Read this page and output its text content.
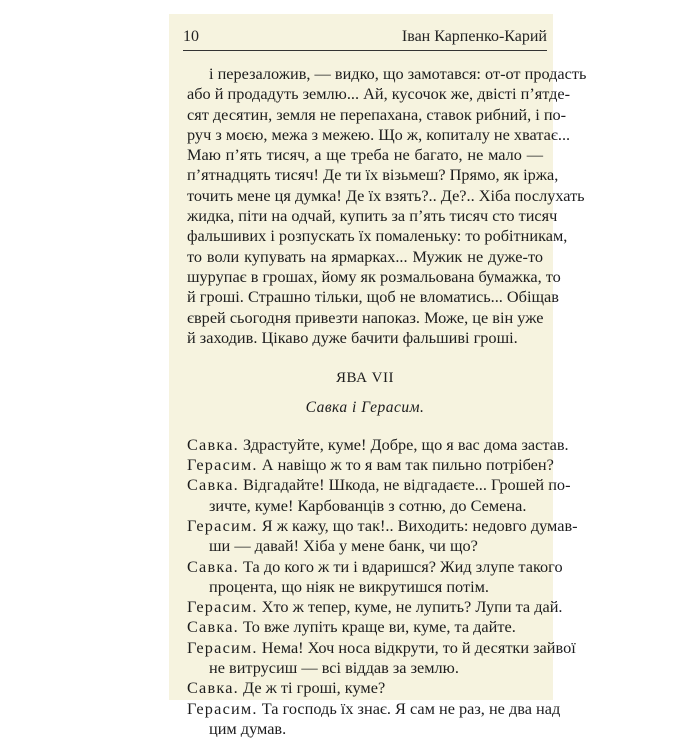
10	Іван Карпенко-Карий
і перезаложив, — видко, що замотався: от-от продасть
або й продадуть землю... Ай, кусочок же, двісті п’ятде-
сят десятин, земля не перепахана, ставок рибний, і по-
руч з моєю, межа з межею. Що ж, копиталу не хватає...
Маю п’ять тисяч, а ще треба не багато, не мало —
п’ятнадцять тисяч! Де ти їх візьмеш? Прямо, як іржа,
точить мене ця думка! Де їх взять?.. Де?.. Хіба послухать
жидка, піти на одчай, купить за п’ять тисяч сто тисяч
фальшивих і розпускать їх помаленьку: то робітникам,
то воли купувать на ярмарках... Мужик не дуже-то
шурупає в грошах, йому як розмальована бумажка, то
й гроші. Страшно тільки, щоб не вломатись... Обіщав
єврей сьогодня привезти напоказ. Може, це він уже
й заходив. Цікаво дуже бачити фальшиві гроші.
ЯВА VII
Савка і Герасим.
Савка. Здрастуйте, куме! Добре, що я вас дома застав.
Герасим. А навіщо ж то я вам так пильно потрібен?
Савка. Відгадайте! Шкода, не відгадаєте... Грошей по-
зичте, куме! Карбованців з сотню, до Семена.
Герасим. Я ж кажу, що так!.. Виходить: недовго думав-
ши — давай! Хіба у мене банк, чи що?
Савка. Та до кого ж ти і вдаришся? Жид злупе такого
процента, що ніяк не викрутишся потім.
Герасим. Хто ж тепер, куме, не лупить? Лупи та дай.
Савка. То вже лупіть краще ви, куме, та дайте.
Герасим. Нема! Хоч носа відкрути, то й десятки зайвої
не витрусиш — всі віддав за землю.
Савка. Де ж ті гроші, куме?
Герасим. Та господь їх знає. Я сам не раз, не два над
цим думав.
